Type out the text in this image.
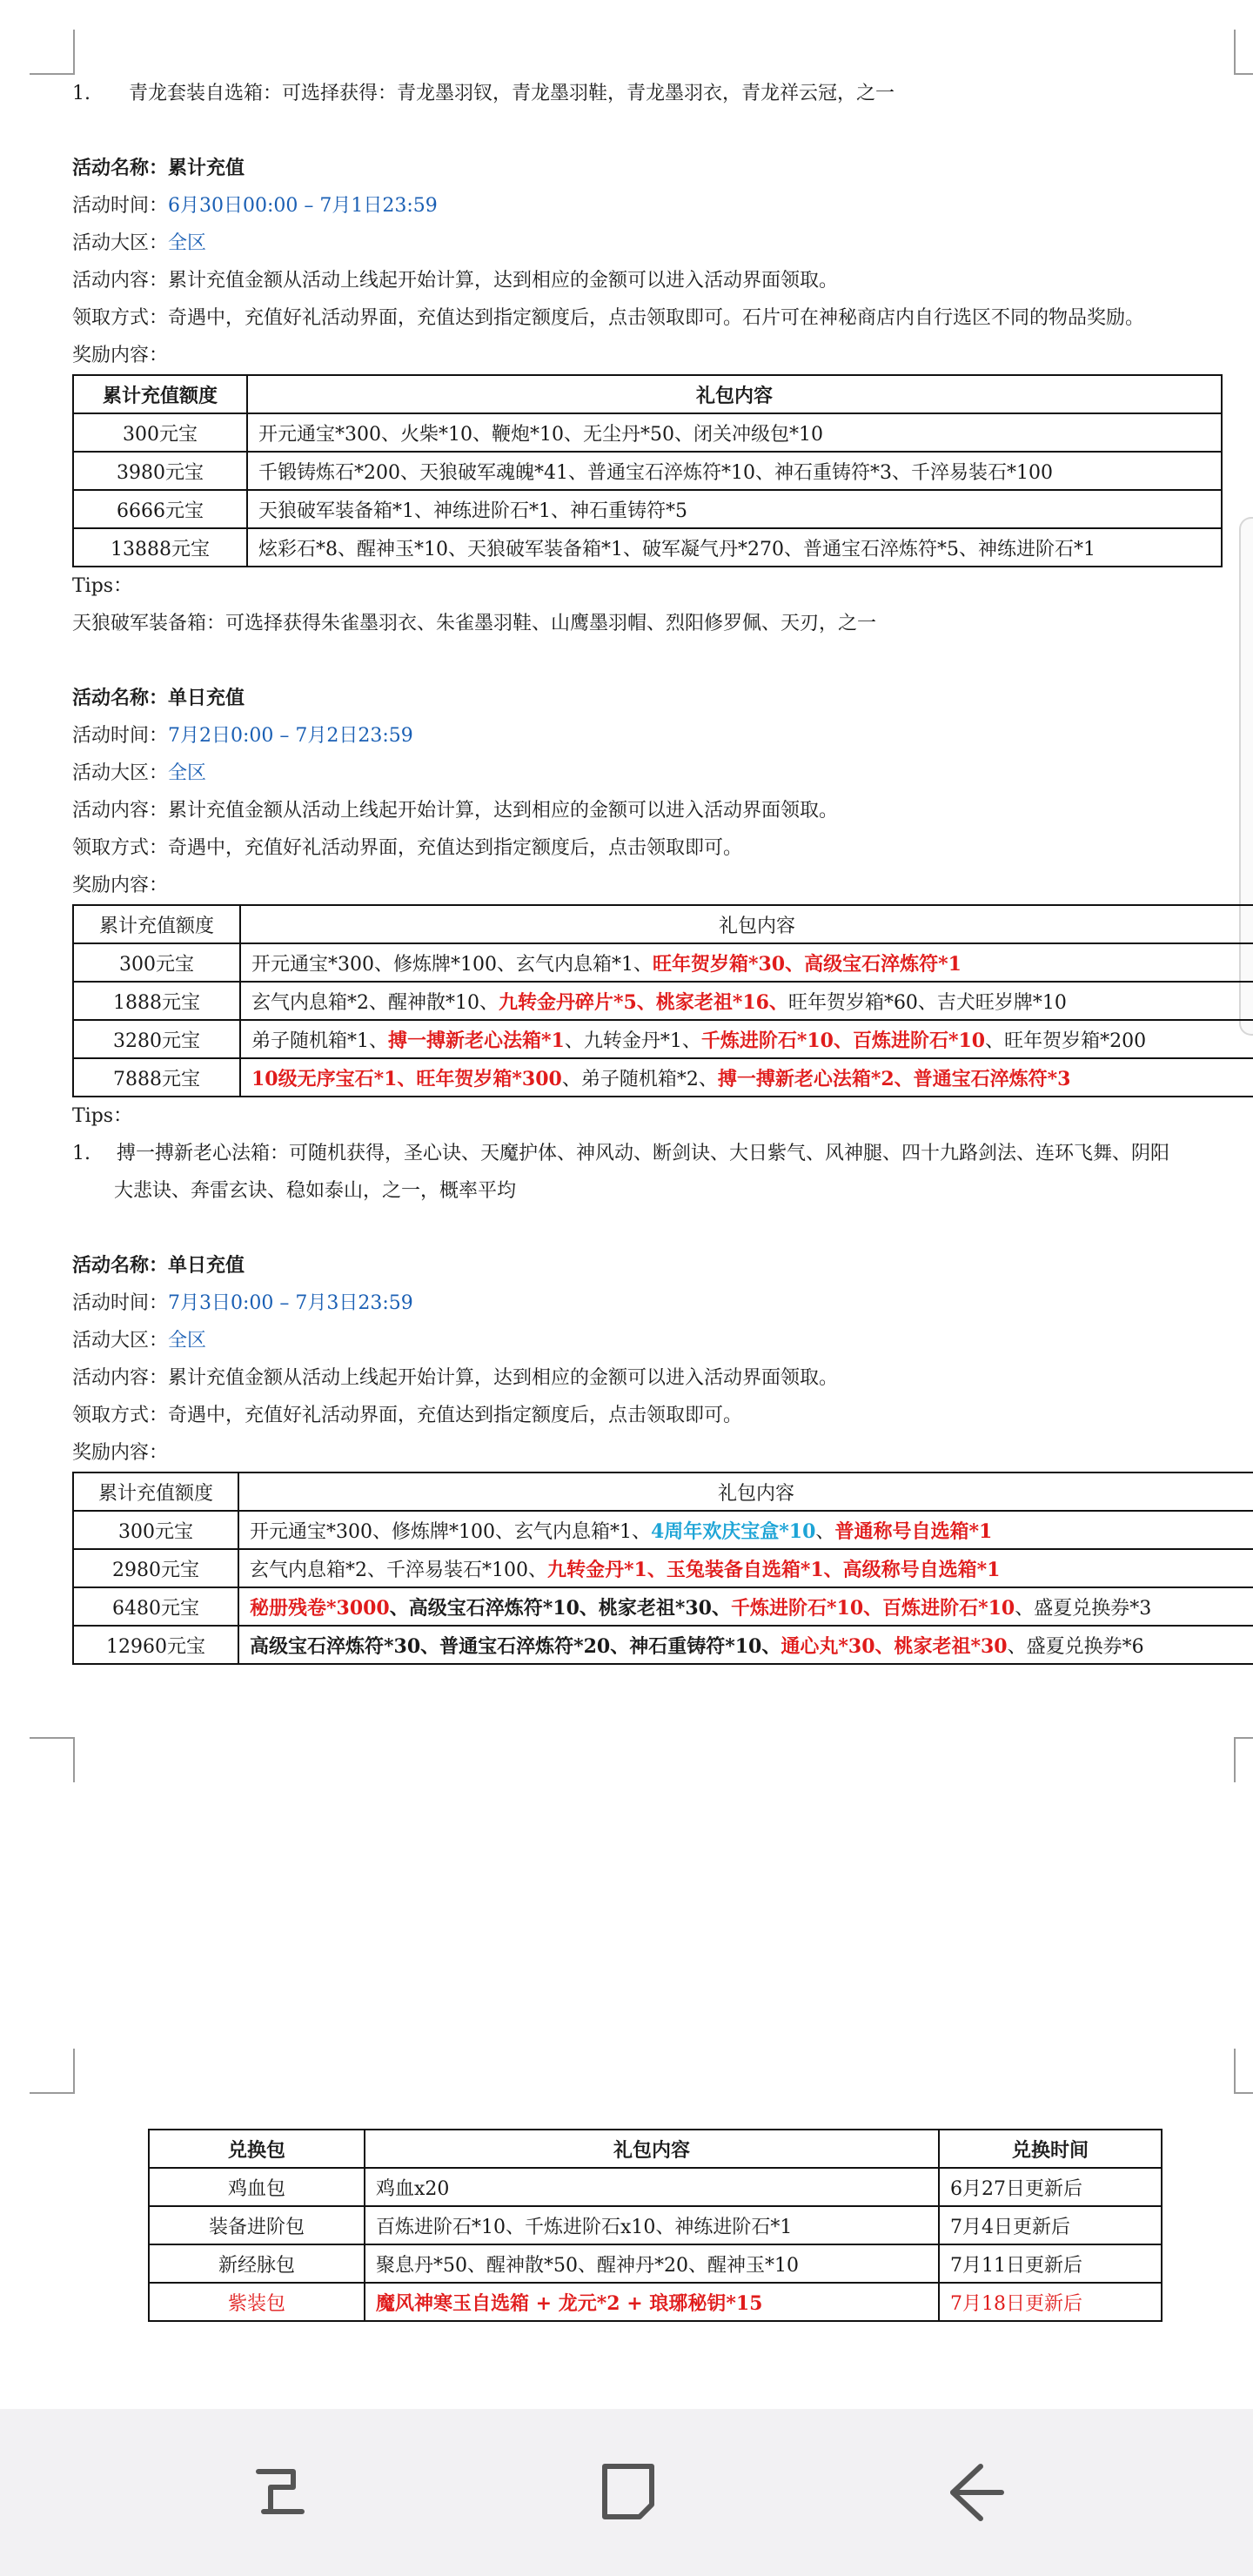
1. 青龙套装自选箱：可选择获得：青龙墨羽钗，青龙墨羽鞋，青龙墨羽衣，青龙祥云冠，之一
活动名称：累计充值
活动时间：6月30日00:00 – 7月1日23:59
活动大区：全区
活动内容：累计充值金额从活动上线起开始计算，达到相应的金额可以进入活动界面领取。
领取方式：奇遇中，充值好礼活动界面，充值达到指定额度后，点击领取即可。石片可在神秘商店内自行选区不同的物品奖励。
奖励内容：
累计充值额度	礼包内容
300元宝	开元通宝*300、火柴*10、鞭炮*10、无尘丹*50、闭关冲级包*10
3980元宝	千锻铸炼石*200、天狼破军魂魄*41、普通宝石淬炼符*10、神石重铸符*3、千淬易装石*100
6666元宝	天狼破军装备箱*1、神练进阶石*1、神石重铸符*5
13888元宝	炫彩石*8、醒神玉*10、天狼破军装备箱*1、破军凝气丹*270、普通宝石淬炼符*5、神练进阶石*1
Tips：
天狼破军装备箱：可选择获得朱雀墨羽衣、朱雀墨羽鞋、山鹰墨羽帽、烈阳修罗佩、天刃，之一
活动名称：单日充值
活动时间：7月2日0:00 – 7月2日23:59
活动大区：全区
活动内容：累计充值金额从活动上线起开始计算，达到相应的金额可以进入活动界面领取。
领取方式：奇遇中，充值好礼活动界面，充值达到指定额度后，点击领取即可。
奖励内容：
累计充值额度	礼包内容
300元宝	开元通宝*300、修炼牌*100、玄气内息箱*1、旺年贺岁箱*30、高级宝石淬炼符*1
1888元宝	玄气内息箱*2、醒神散*10、九转金丹碎片*5、桃家老祖*16、旺年贺岁箱*60、吉犬旺岁牌*10
3280元宝	弟子随机箱*1、搏一搏新老心法箱*1、九转金丹*1、千炼进阶石*10、百炼进阶石*10、旺年贺岁箱*200
7888元宝	10级无序宝石*1、旺年贺岁箱*300、弟子随机箱*2、搏一搏新老心法箱*2、普通宝石淬炼符*3
Tips：
1. 搏一搏新老心法箱：可随机获得，圣心诀、天魔护体、神风动、断剑诀、大日紫气、风神腿、四十九路剑法、连环飞舞、阴阳
大悲诀、奔雷玄诀、稳如泰山，之一，概率平均
活动名称：单日充值
活动时间：7月3日0:00 – 7月3日23:59
活动大区：全区
活动内容：累计充值金额从活动上线起开始计算，达到相应的金额可以进入活动界面领取。
领取方式：奇遇中，充值好礼活动界面，充值达到指定额度后，点击领取即可。
奖励内容：
累计充值额度	礼包内容
300元宝	开元通宝*300、修炼牌*100、玄气内息箱*1、4周年欢庆宝盒*10、普通称号自选箱*1
2980元宝	玄气内息箱*2、千淬易装石*100、九转金丹*1、玉兔装备自选箱*1、高级称号自选箱*1
6480元宝	秘册残卷*3000、高级宝石淬炼符*10、桃家老祖*30、千炼进阶石*10、百炼进阶石*10、盛夏兑换券*3
12960元宝	高级宝石淬炼符*30、普通宝石淬炼符*20、神石重铸符*10、通心丸*30、桃家老祖*30、盛夏兑换券*6
兑换包	礼包内容	兑换时间
鸡血包	鸡血x20	6月27日更新后
装备进阶包	百炼进阶石*10、千炼进阶石x10、神练进阶石*1	7月4日更新后
新经脉包	聚息丹*50、醒神散*50、醒神丹*20、醒神玉*10	7月11日更新后
紫装包	魔风神寒玉自选箱 + 龙元*2 + 琅琊秘钥*15	7月18日更新后
